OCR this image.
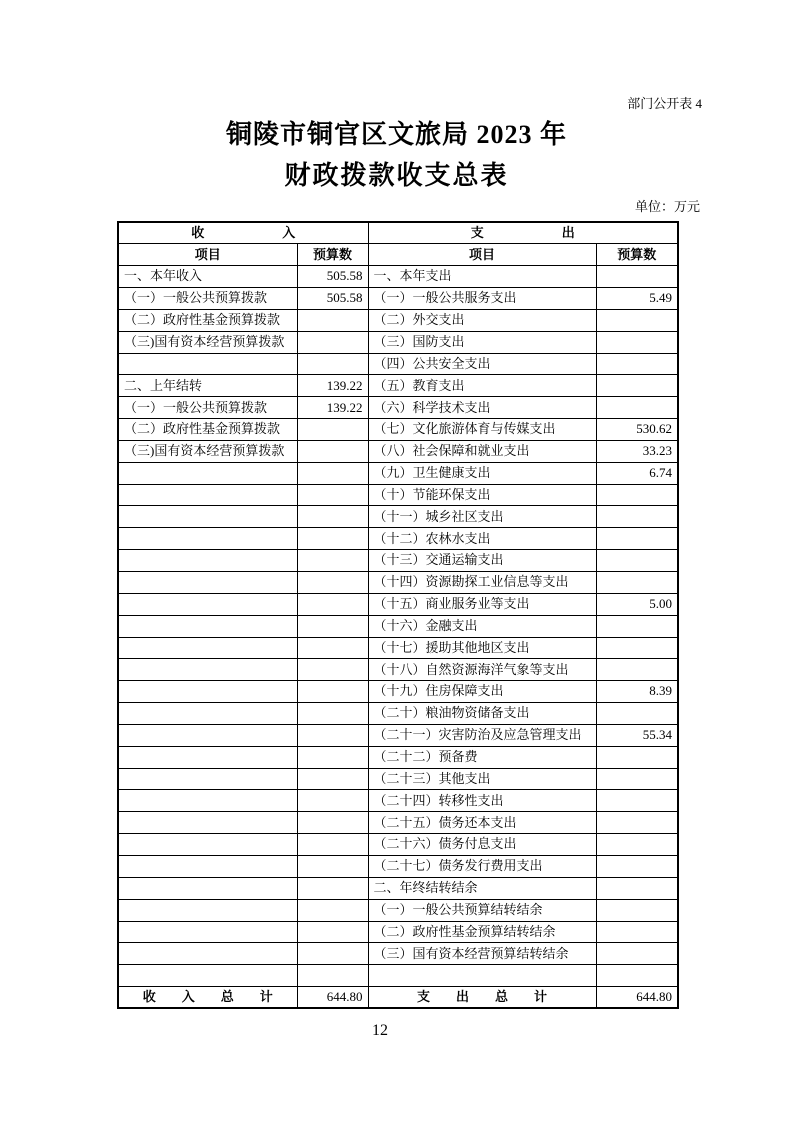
部门公开表 4
铜陵市铜官区文旅局 2023 年
财政拨款收支总表
单位：万元
收　　　　　　入		支　　　　　　出	
项目	预算数	项目	预算数
一、本年收入	505.58	一、本年支出	
（一）一般公共预算拨款	505.58	（一）一般公共服务支出	5.49
（二）政府性基金预算拨款		（二）外交支出	
（三)国有资本经营预算拨款		（三）国防支出	
		（四）公共安全支出	
二、上年结转	139.22	（五）教育支出	
（一）一般公共预算拨款	139.22	（六）科学技术支出	
（二）政府性基金预算拨款		（七）文化旅游体育与传媒支出	530.62
（三)国有资本经营预算拨款		（八）社会保障和就业支出	33.23
		（九）卫生健康支出	6.74
		（十）节能环保支出	
		（十一）城乡社区支出	
		（十二）农林水支出	
		（十三）交通运输支出	
		（十四）资源勘探工业信息等支出	
		（十五）商业服务业等支出	5.00
		（十六）金融支出	
		（十七）援助其他地区支出	
		（十八）自然资源海洋气象等支出	
		（十九）住房保障支出	8.39
		（二十）粮油物资储备支出	
		（二十一）灾害防治及应急管理支出	55.34
		（二十二）预备费	
		（二十三）其他支出	
		（二十四）转移性支出	
		（二十五）债务还本支出	
		（二十六）债务付息支出	
		（二十七）债务发行费用支出	
		二、年终结转结余	
		（一）一般公共预算结转结余	
		（二）政府性基金预算结转结余	
		（三）国有资本经营预算结转结余	

收　　入　　总　　计	644.80	支　　出　　总　　计	644.80
12
